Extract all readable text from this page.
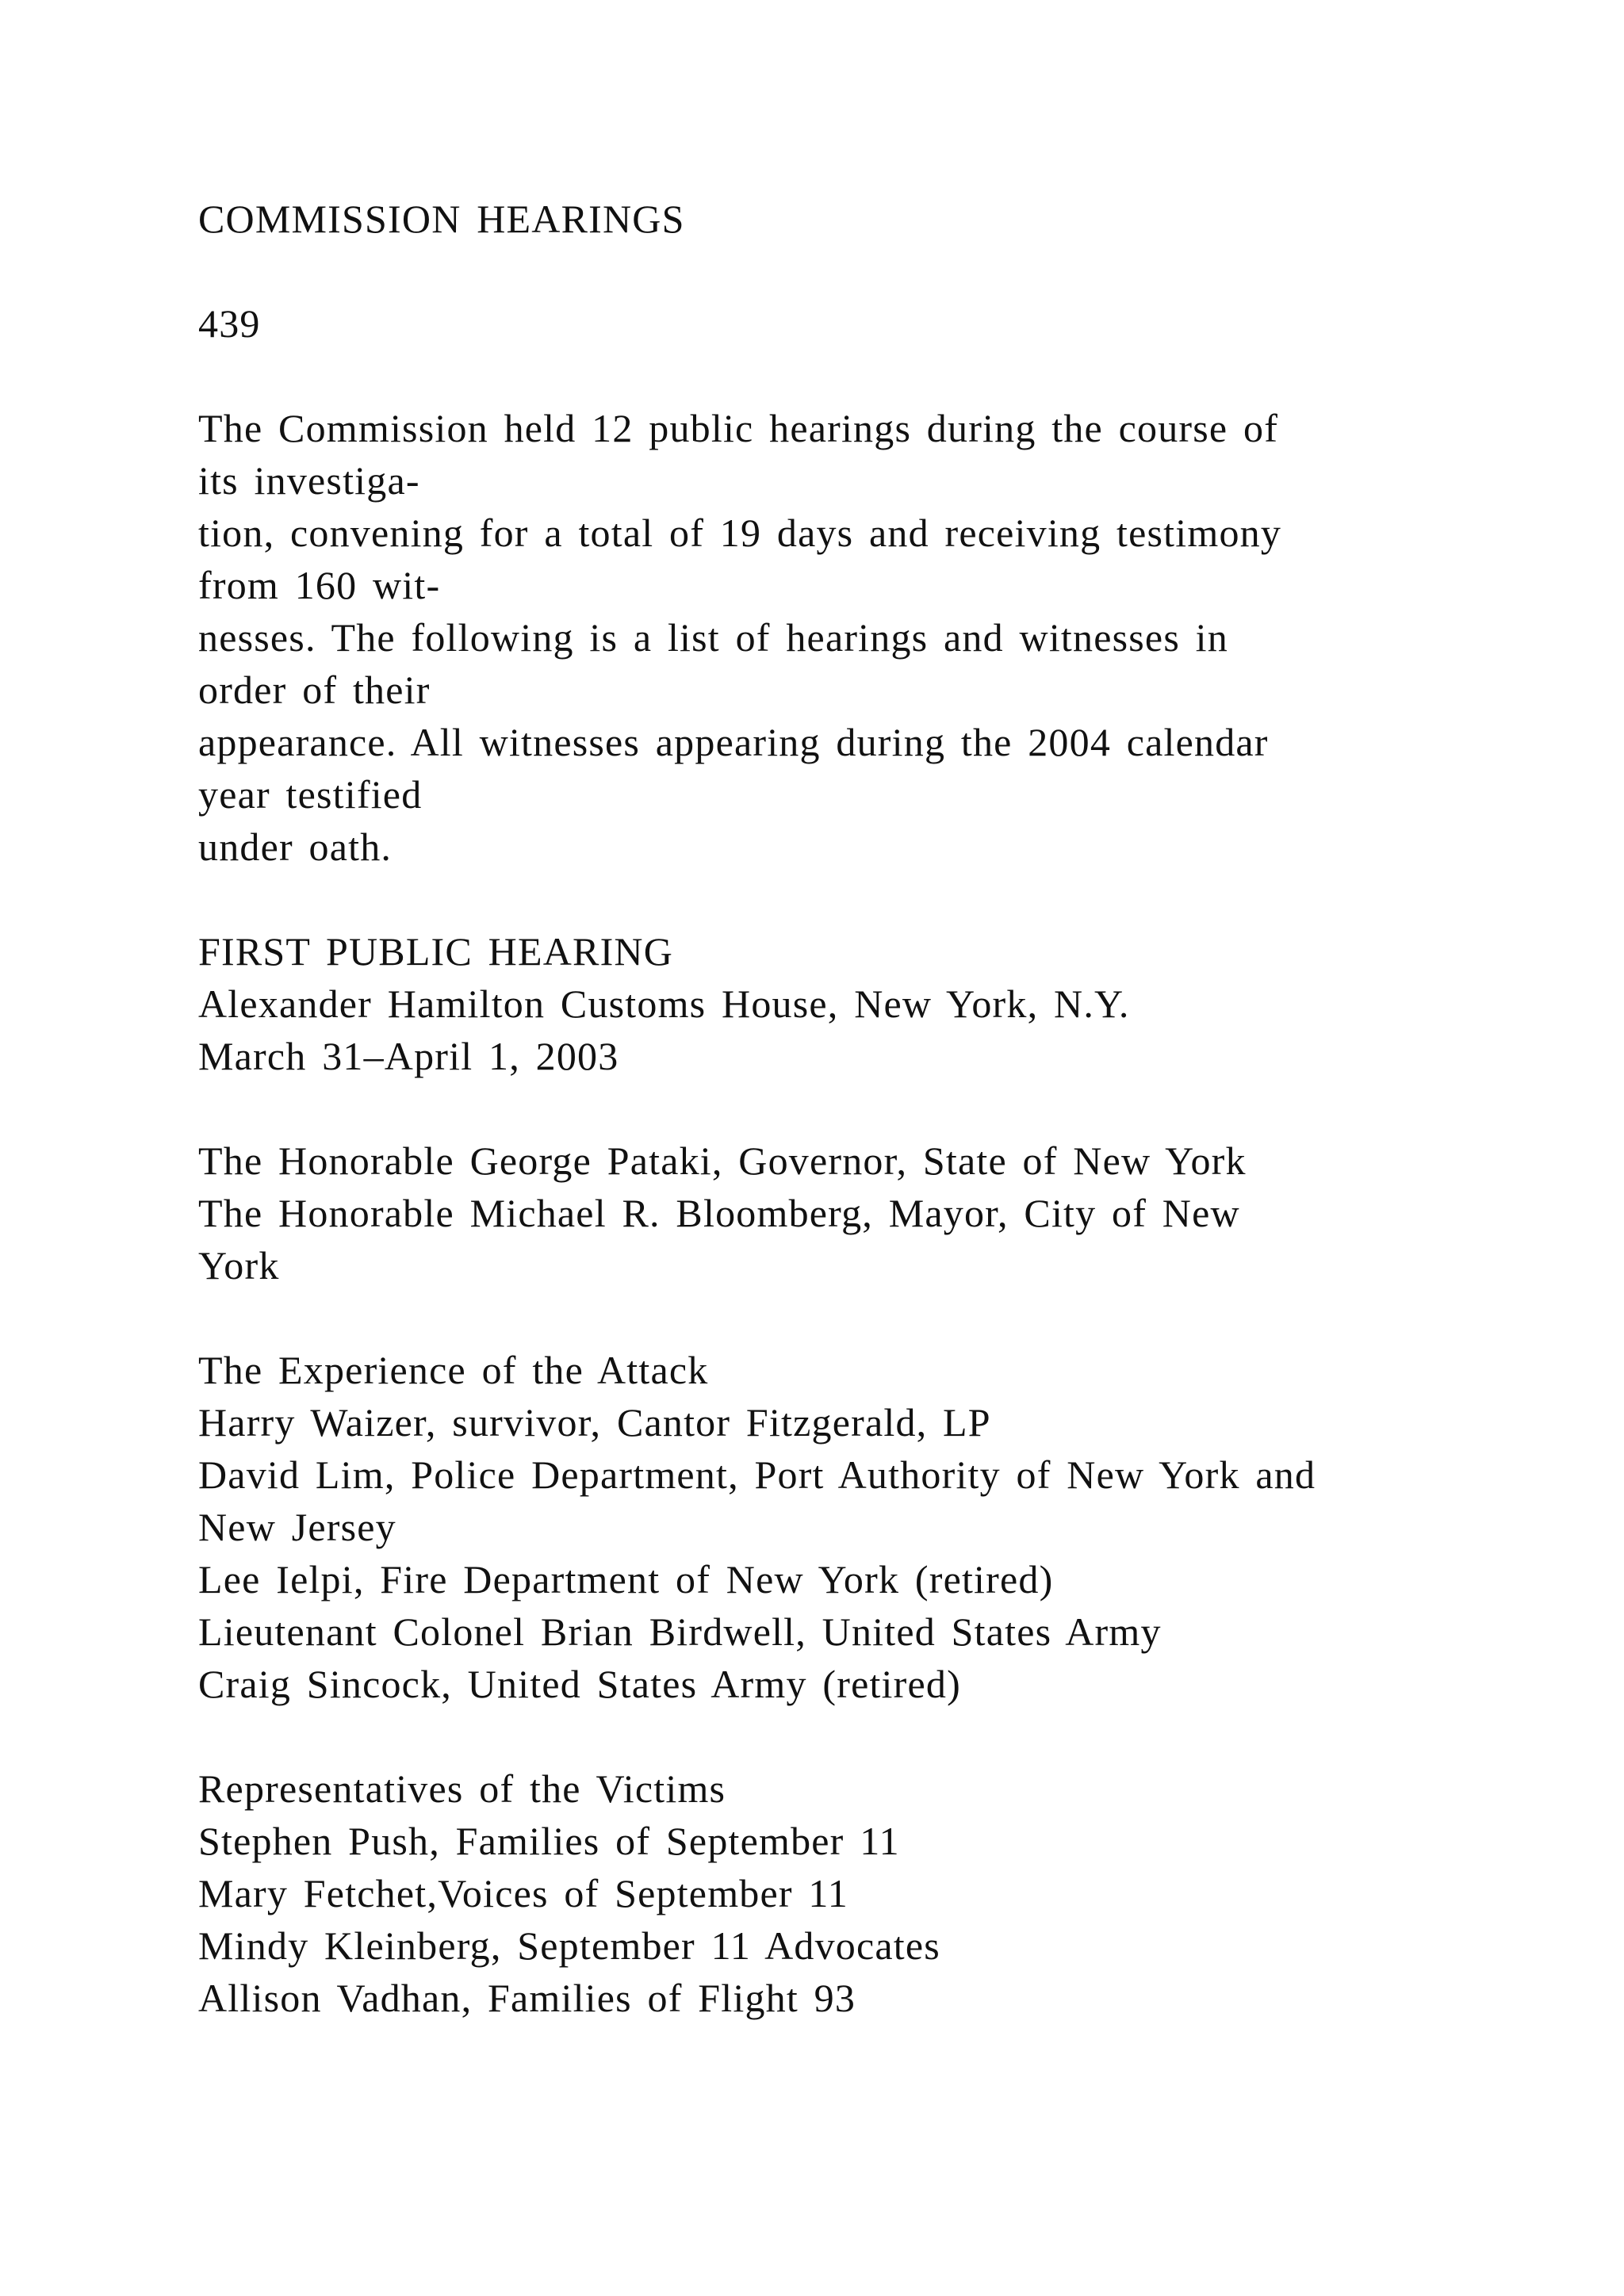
COMMISSION HEARINGS
439
The Commission held 12 public hearings during the course of
its investiga-
tion, convening for a total of 19 days and receiving testimony
from 160 wit-
nesses. The following is a list of hearings and witnesses in
order of their
appearance. All witnesses appearing during the 2004 calendar
year testified
under oath.
FIRST PUBLIC HEARING
Alexander Hamilton Customs House, New York, N.Y.
March 31–April 1, 2003
The Honorable George Pataki, Governor, State of New York
The Honorable Michael R. Bloomberg, Mayor, City of New
York
The Experience of the Attack
Harry Waizer, survivor, Cantor Fitzgerald, LP
David Lim, Police Department, Port Authority of New York and
New Jersey
Lee Ielpi, Fire Department of New York (retired)
Lieutenant Colonel Brian Birdwell, United States Army
Craig Sincock, United States Army (retired)
Representatives of the Victims
Stephen Push, Families of September 11
Mary Fetchet,Voices of September 11
Mindy Kleinberg, September 11 Advocates
Allison Vadhan, Families of Flight 93
